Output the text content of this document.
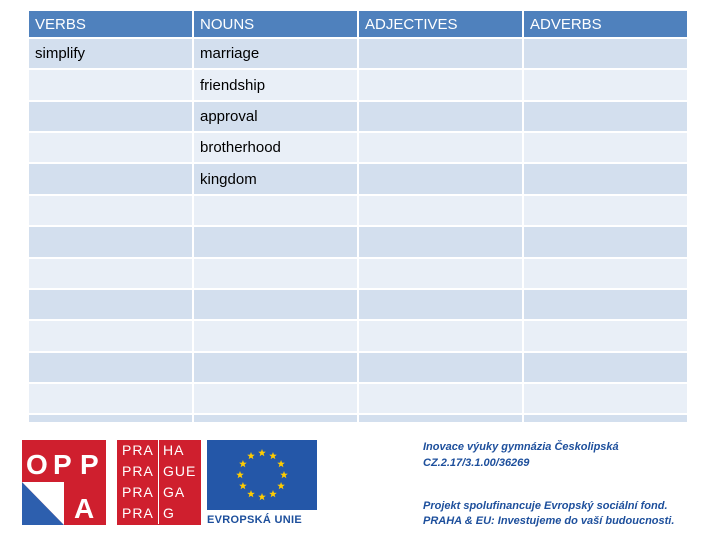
VERBS	NOUNS	ADJECTIVES	ADVERBS
simplify	marriage		
	friendship		
	approval		
	brotherhood		
	kingdom		

O P P
A
PRA HA
PRA GUE
PRA GA
PRA G	EVROPSKÁ UNIE
Inovace výuky gymnázia Českolipská
CZ.2.17/3.1.00/36269
Projekt spolufinancuje Evropský sociální fond.
PRAHA & EU: Investujeme do vaší budoucnosti.
